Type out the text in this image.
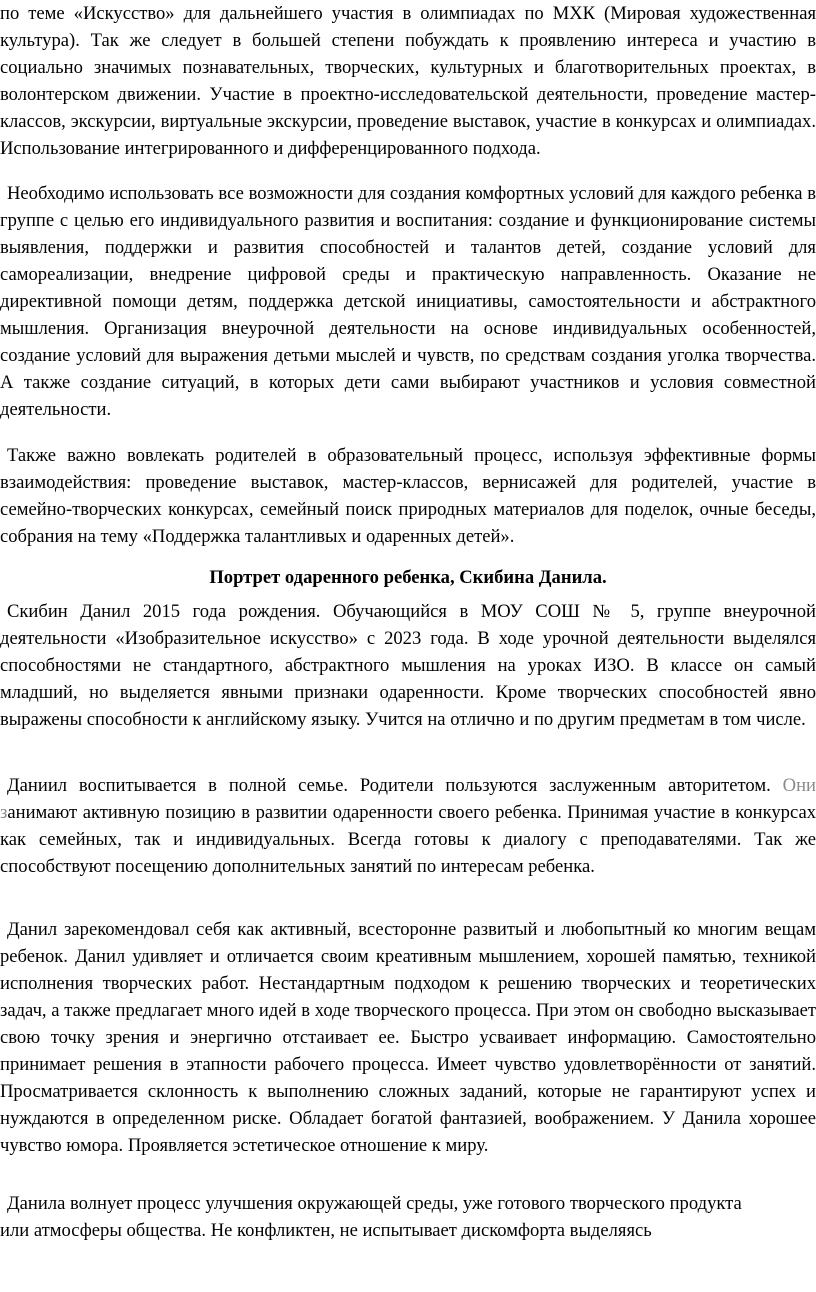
по теме «Искусство» для дальнейшего участия в олимпиадах по МХК (Мировая художественная культура). Так же следует в большей степени побуждать к проявлению интереса и участию в социально значимых познавательных, творческих, культурных и благотворительных проектах, в волонтерском движении. Участие в проектно-исследовательской деятельности, проведение мастер-классов, экскурсии, виртуальные экскурсии, проведение выставок, участие в конкурсах и олимпиадах. Использование интегрированного и дифференцированного подхода.

Необходимо использовать все возможности для создания комфортных условий для каждого ребенка в группе с целью его индивидуального развития и воспитания: создание и функционирование системы выявления, поддержки и развития способностей и талантов детей, создание условий для самореализации, внедрение цифровой среды и практическую направленность. Оказание не директивной помощи детям, поддержка детской инициативы, самостоятельности и абстрактного мышления. Организация внеурочной деятельности на основе индивидуальных особенностей, создание условий для выражения детьми мыслей и чувств, по средствам создания уголка творчества. А также создание ситуаций, в которых дети сами выбирают участников и условия совместной деятельности.

Также важно вовлекать родителей в образовательный процесс, используя эффективные формы взаимодействия: проведение выставок, мастер-классов, вернисажей для родителей, участие в семейно-творческих конкурсах, семейный поиск природных материалов для поделок, очные беседы, собрания на тему «Поддержка талантливых и одаренных детей».

Портрет одаренного ребенка, Скибина Данила.

Скибин Данил 2015 года рождения. Обучающийся в МОУ СОШ № 5, группе внеурочной деятельности «Изобразительное искусство» с 2023 года. В ходе урочной деятельности выделялся способностями не стандартного, абстрактного мышления на уроках ИЗО. В классе он самый младший, но выделяется явными признаки одаренности. Кроме творческих способностей явно выражены способности к английскому языку. Учится на отлично и по другим предметам в том числе.

Даниил воспитывается в полной семье. Родители пользуются заслуженным авторитетом. Они занимают активную позицию в развитии одаренности своего ребенка. Принимая участие в конкурсах как семейных, так и индивидуальных. Всегда готовы к диалогу с преподавателями. Так же способствуют посещению дополнительных занятий по интересам ребенка.

Данил зарекомендовал себя как активный, всесторонне развитый и любопытный ко многим вещам ребенок. Данил удивляет и отличается своим креативным мышлением, хорошей памятью, техникой исполнения творческих работ. Нестандартным подходом к решению творческих и теоретических задач, а также предлагает много идей в ходе творческого процесса. При этом он свободно высказывает свою точку зрения и энергично отстаивает ее. Быстро усваивает информацию. Самостоятельно принимает решения в этапности рабочего процесса. Имеет чувство удовлетворённости от занятий. Просматривается склонность к выполнению сложных заданий, которые не гарантируют успех и нуждаются в определенном риске. Обладает богатой фантазией, воображением. У Данила хорошее чувство юмора. Проявляется эстетическое отношение к миру.

Данила волнует процесс улучшения окружающей среды, уже готового творческого продукта или атмосферы общества. Не конфликтен, не испытывает дискомфорта выделяясь
